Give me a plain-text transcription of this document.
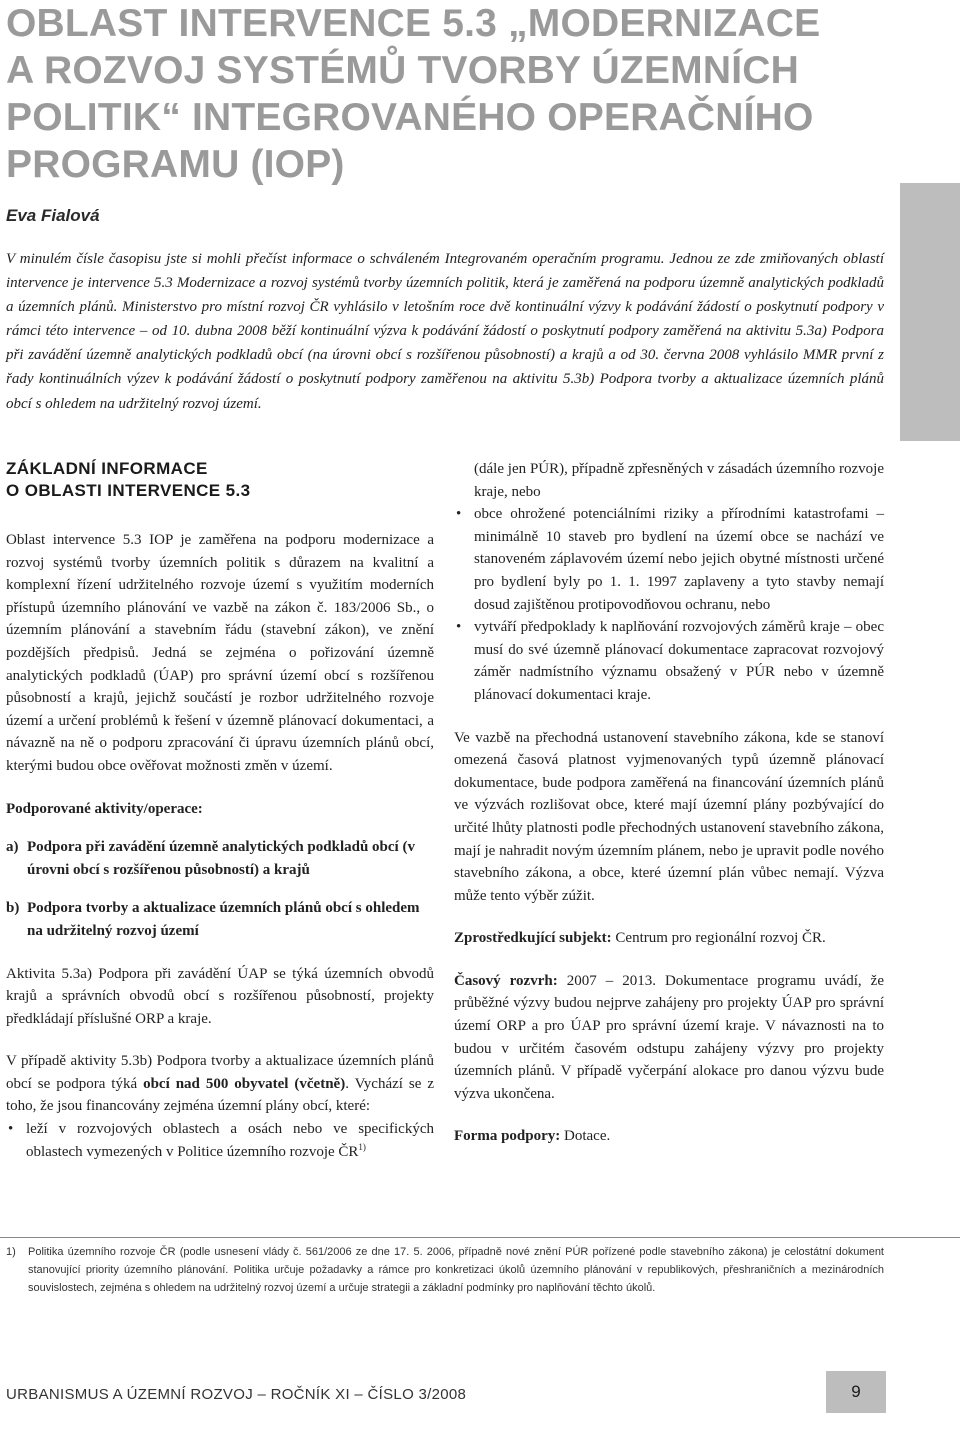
OBLAST INTERVENCE 5.3 „MODERNIZACE
A ROZVOJ SYSTÉMŮ TVORBY ÚZEMNÍCH
POLITIK“ INTEGROVANÉHO OPERAČNÍHO
PROGRAMU (IOP)
Eva Fialová

V minulém čísle časopisu jste si mohli přečíst informace o schváleném Integrovaném operačním programu. Jednou ze zde zmiňovaných oblastí intervence je intervence 5.3 Modernizace a rozvoj systémů tvorby územních politik, která je zaměřená na podporu územně analytických podkladů a územních plánů. Ministerstvo pro místní rozvoj ČR vyhlásilo v letošním roce dvě kontinuální výzvy k podávání žádostí o poskytnutí podpory v rámci této intervence – od 10. dubna 2008 běží kontinuální výzva k podávání žádostí o poskytnutí podpory zaměřená na aktivitu 5.3a) Podpora při zavádění územně analytických podkladů obcí (na úrovni obcí s rozšířenou působností) a krajů a od 30. června 2008 vyhlásilo MMR první z řady kontinuálních výzev k podávání žádostí o poskytnutí podpory zaměřenou na aktivitu 5.3b) Podpora tvorby a aktualizace územních plánů obcí s ohledem na udržitelný rozvoj území.

ZÁKLADNÍ INFORMACE
O OBLASTI INTERVENCE 5.3

Oblast intervence 5.3 IOP je zaměřena na podporu modernizace a rozvoj systémů tvorby územních politik s důrazem na kvalitní a komplexní řízení udržitelného rozvoje území s využitím moderních přístupů územního plánování ve vazbě na zákon č. 183/2006 Sb., o územním plánování a stavebním řádu (stavební zákon), ve znění pozdějších předpisů. Jedná se zejména o pořizování územně analytických podkladů (ÚAP) pro správní území obcí s rozšířenou působností a krajů, jejichž součástí je rozbor udržitelného rozvoje území a určení problémů k řešení v územně plánovací dokumentaci, a návazně na ně o podporu zpracování či úpravu územních plánů obcí, kterými budou obce ověřovat možnosti změn v území.

Podporované aktivity/operace:

a) Podpora při zavádění územně analytických podkladů obcí (v úrovni obcí s rozšířenou působností) a krajů
b) Podpora tvorby a aktualizace územních plánů obcí s ohledem na udržitelný rozvoj území

Aktivita 5.3a) Podpora při zavádění ÚAP se týká územních obvodů krajů a správních obvodů obcí s rozšířenou působností, projekty předkládají příslušné ORP a kraje.

V případě aktivity 5.3b) Podpora tvorby a aktualizace územních plánů obcí se podpora týká obcí nad 500 obyvatel (včetně). Vychází se z toho, že jsou financovány zejména územní plány obcí, které:

• leží v rozvojových oblastech a osách nebo ve specifických oblastech vymezených v Politice územního rozvoje ČR$^{1)}$

(dále jen PÚR), případně zpřesněných v zásadách územního rozvoje kraje, nebo

• obce ohrožené potenciálními riziky a přírodními katastrofami – minimálně 10 staveb pro bydlení na území obce se nachází ve stanoveném záplavovém území nebo jejich obytné místnosti určené pro bydlení byly po 1. 1. 1997 zaplaveny a tyto stavby nemají dosud zajištěnou protipovodňovou ochranu, nebo
• vytváří předpoklady k naplňování rozvojových záměrů kraje – obec musí do své územně plánovací dokumentace zapracovat rozvojový záměr nadmístního významu obsažený v PÚR nebo v územně plánovací dokumentaci kraje.

Ve vazbě na přechodná ustanovení stavebního zákona, kde se stanoví omezená časová platnost vyjmenovaných typů územně plánovací dokumentace, bude podpora zaměřená na financování územních plánů ve výzvách rozlišovat obce, které mají územní plány pozbývající do určité lhůty platnosti podle přechodných ustanovení stavebního zákona, mají je nahradit novým územním plánem, nebo je upravit podle nového stavebního zákona, a obce, které územní plán vůbec nemají. Výzva může tento výběr zúžit.

Zprostředkující subjekt: Centrum pro regionální rozvoj ČR.

Časový rozvrh: 2007 – 2013. Dokumentace programu uvádí, že průběžné výzvy budou nejprve zahájeny pro projekty ÚAP pro správní území ORP a pro ÚAP pro správní území kraje. V návaznosti na to budou v určitém časovém odstupu zahájeny výzvy pro projekty územních plánů. V případě vyčerpání alokace pro danou výzvu bude výzva ukončena.

Forma podpory: Dotace.

1)	Politika územního rozvoje ČR (podle usnesení vlády č. 561/2006 ze dne 17. 5. 2006, případně nové znění PÚR pořízené podle stavebního zákona) je celostátní dokument stanovující priority územního plánování. Politika určuje požadavky a rámce pro konkretizaci úkolů územního plánování v republikových, přeshraničních a mezinárodních souvislostech, zejména s ohledem na udržitelný rozvoj území a určuje strategii a základní podmínky pro naplňování těchto úkolů.
URBANISMUS A ÚZEMNÍ ROZVOJ – ROČNÍK XI – ČÍSLO 3/2008	9
